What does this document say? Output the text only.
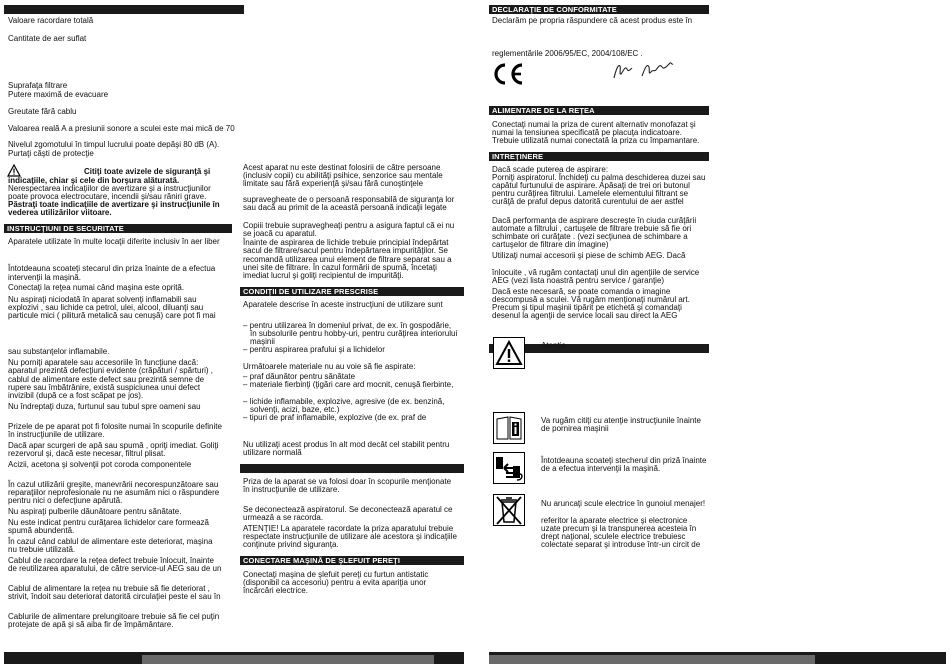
Valoare racordare totală
Cantitate de aer suflat
Suprafaţa filtrare
Putere maximă de evacuare
Greutate fără cablu
Valoarea reală A a presiunii sonore a sculei este mai mică de 70
Nivelul zgomotului în timpul lucrului poate depăşi 80 dB (A).
Purtaţi căşti de protecţie
Citiţi toate avizele de siguranţă şi
indicaţiile, chiar şi cele din borşura alăturată.
Nerespectarea indicaţiilor de avertizare şi a instrucţiunilor
poate provoca electrocutare, incendii şi/sau răniri grave.
Păstraţi toate indicaţiile de avertizare şi instrucţiunile în
vederea utilizărilor viitoare.
INSTRUCŢIUNI DE SECURITATE
Aparatele utilizate în multe locaţii diferite inclusiv în aer liber
Întotdeauna scoateţi stecarul din priza înainte de a efectua
intervenţii la maşină.
Conectaţi la reţea numai când maşina este oprită.
Nu aspiraţi niciodată în aparat solvenţi inflamabili sau
explozivi , sau lichide ca petrol, ulei, alcool, diluanţi sau
particule mici ( pilitură metalică sau cenuşă) care pot fi mai
sau substanţelor inflamabile.
Nu porniţi aparatele sau accesoriile în funcţiune dacă:
aparatul prezintă defecţiuni evidente (crăpături / spărturi) ,
cablul de alimentare este defect sau prezintă semne de
rupere sau îmbătrânire, există suspiciunea unui defect
invizibil (după ce a fost scăpat pe jos).
Nu îndreptaţi duza, furtunul sau tubul spre oameni sau
Prizele de pe aparat pot fi folosite numai în scopurile definite
în instrucţiunile de utilizare.
Dacă apar scurgeri de apă sau spumă , opriţi imediat. Goliţi
rezervorul şi, dacă este necesar, filtrul plisat.
Acizii, acetona şi solvenţii pot coroda componentele
În cazul utilizării greşite, manevrării necorespunzătoare sau
reparaţiilor neprofesionale nu ne asumăm nici o răspundere
pentru nici o defecţiune apărută.
Nu aspiraţi pulberile dăunătoare pentru sănătate.
Nu este indicat pentru curăţarea lichidelor care formează
spumă abundentă.
În cazul când cablul de alimentare este deteriorat, maşina
nu trebuie utilizată.
Cablul de racordare la reţea defect trebuie înlocuit, înainte
de reutilizarea aparatului, de către service-ul AEG sau de un
Cablul de alimentare la reţea nu trebuie să fie deteriorat ,
strivit, îndoit sau deteriorat datorită circulaţiei peste el sau în
Cablurile de alimentare prelungitoare trebuie să fie cel puţin
protejate de apă şi să aiba fir de împământare.
Acest aparat nu este destinat folosirii de către persoane
(inclusiv copii) cu abilităţi psihice, senzorice sau mentale
limitate sau fără experienţă şi/sau fără cunoştinţele
supravegheate de o persoană responsabilă de siguranţa lor
sau dacă au primit de la această persoană indicaţii legate
Copiii trebuie supravegheaţi pentru a asigura faptul că ei nu
se joacă cu aparatul.
Înainte de aspirarea de lichide trebuie principial îndepărtat
sacul de filtrare/sacul pentru îndepărtarea impurităţilor. Se
recomandă utilizarea unui element de filtrare separat sau a
unei site de filtrare. În cazul formării de spumă, încetaţi
imediat lucrul şi goliţi recipientul de impurităţi.
CONDIŢII DE UTILIZARE PRESCRISE
Aparatele descrise în aceste instrucţiuni de utilizare sunt
– pentru utilizarea în domeniul privat, de ex. în gospodărie,
în subsolurile pentru hobby-uri, pentru curăţirea interiorului
maşinii
– pentru aspirarea prafului şi a lichidelor
Următoarele materiale nu au voie să fie aspirate:
– praf dăunător pentru sănătate
– materiale fierbinţi (ţigări care ard mocnit, cenuşă fierbinte,
– lichide inflamabile, explozive, agresive (de ex. benzină,
solvenţi, acizi, baze, etc.)
– tipuri de praf inflamabile, explozive (de ex. praf de
Nu utilizaţi acest produs în alt mod decât cel stabilit pentru
utilizare normală
Priza de la aparat se va folosi doar în scopurile menţionate
în instrucţiunile de utilizare.
Se deconectează aspiratorul. Se deconectează aparatul ce
urmează a se racorda.
ATENŢIE! La aparatele racordate la priza aparatului trebuie
respectate instrucţiunile de utilizare ale acestora şi indicaţiile
conţinute privind siguranţa.
CONECTARE MAŞINĂ DE ŞLEFUIT PEREŢI
Conectaţi maşina de şlefuit pereţi cu furtun antistatic
(disponibil ca accesoriu) pentru a evita apariţia unor
încărcări electrice.
DECLARAŢIE DE CONFORMITATE
Declarăm pe propria răspundere că acest produs este în
reglementările 2006/95/EC, 2004/108/EC .
ALIMENTARE DE LA REŢEA
Conectaţi numai la priza de curent alternativ monofazat şi
numai la tensiunea specificată pe placuţa indicatoare.
Trebuie utilizată numai conectată la priza cu împamantare.
INTREŢINERE
Dacă scade puterea de aspirare:
Porniţi aspiratorul. Închideţi cu palma deschiderea duzei sau
capătul furtunului de aspirare. Apăsaţi de trei ori butonul
pentru curăţirea filtrului. Lamelele elementului filtrant se
curăţă de praful depus datorită curentului de aer astfel
Dacă performanţa de aspirare descreşte în ciuda curăţării
automate a filtrului , cartuşele de filtrare trebuie să fie ori
schimbate ori curăţate . (vezi secţiunea de schimbare a
cartuşelor de filtrare din imagine)
Utilizaţi numai accesorii şi piese de schimb AEG. Dacă
înlocuite , vă rugăm contactaţi unul din agenţiile de service
AEG (vezi lista noastră pentru service / garanţie)
Dacă este necesară, se poate comanda o imagine
descompusă a sculei. Vă rugăm menţionaţi numărul art.
Precum şi tipul maşinii tipărit pe etichetă şi comandaţi
desenul la agenţii de service locali sau direct la AEG
Atenţie
Va rugăm citiţi cu atenţie instrucţiunile înainte
de pornirea maşinii
Întotdeauna scoateţi stecherul din priză înainte
de a efectua intervenţii la maşină.
Nu aruncaţi scule electrice în gunoiul menajer!
referitor la aparate electrice şi electronice
uzate precum şi la transpunerea acesteia în
drept naţional, sculele electrice trebuiesc
colectate separat şi introduse într-un circit de
